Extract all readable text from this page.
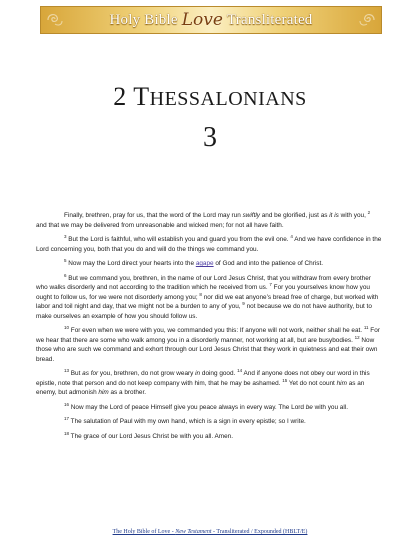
Holy Bible Love Transliterated
2 THESSALONIANS
3

Finally, brethren, pray for us, that the word of the Lord may run swiftly and be glorified, just as it is with you, $^2$ and that we may be delivered from unreasonable and wicked men; for not all have faith.

$^3$ But the Lord is faithful, who will establish you and guard you from the evil one. $^4$ And we have confidence in the Lord concerning you, both that you do and will do the things we command you.

$^5$ Now may the Lord direct your hearts into the agape of God and into the patience of Christ.

$^6$ But we command you, brethren, in the name of our Lord Jesus Christ, that you withdraw from every brother who walks disorderly and not according to the tradition which he received from us. $^7$ For you yourselves know how you ought to follow us, for we were not disorderly among you; $^8$ nor did we eat anyone’s bread free of charge, but worked with labor and toil night and day, that we might not be a burden to any of you, $^9$ not because we do not have authority, but to make ourselves an example of how you should follow us.

$^{10}$ For even when we were with you, we commanded you this: If anyone will not work, neither shall he eat. $^{11}$ For we hear that there are some who walk among you in a disorderly manner, not working at all, but are busybodies. $^{12}$ Now those who are such we command and exhort through our Lord Jesus Christ that they work in quietness and eat their own bread.

$^{13}$ But as for you, brethren, do not grow weary in doing good. $^{14}$ And if anyone does not obey our word in this epistle, note that person and do not keep company with him, that he may be ashamed. $^{15}$ Yet do not count him as an enemy, but admonish him as a brother.

$^{16}$ Now may the Lord of peace Himself give you peace always in every way. The Lord be with you all.

$^{17}$ The salutation of Paul with my own hand, which is a sign in every epistle; so I write.

$^{18}$ The grace of our Lord Jesus Christ be with you all. Amen.

The Holy Bible of Love - New Testament - Transliterated / Expounded (HBLT/E)
